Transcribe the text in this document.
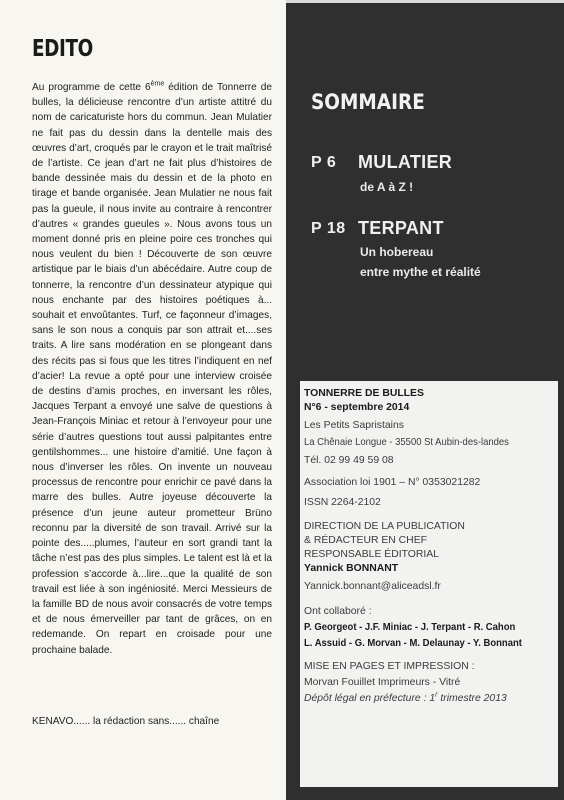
EDITO

Au programme de cette 6ème édition de Tonnerre de bulles, la délicieuse rencontre d’un artiste attitré du nom de caricaturiste hors du commun. Jean Mulatier ne fait pas du dessin dans la dentelle mais des œuvres d’art, croqués par le crayon et le trait maîtrisé de l’artiste. Ce jean d’art ne fait plus d’histoires de bande dessinée mais du dessin et de la photo en tirage et bande organisée. Jean Mulatier ne nous fait pas la gueule, il nous invite au contraire à rencontrer d’autres « grandes gueules ». Nous avons tous un moment donné pris en pleine poire ces tronches qui nous veulent du bien ! Découverte de son œuvre artistique par le biais d’un abécédaire. Autre coup de tonnerre, la rencontre d’un dessinateur atypique qui nous enchante par des histoires poétiques à... souhait et envoûtantes. Turf, ce façonneur d’images, sans le son nous a conquis par son attrait et....ses traits. A lire sans modération en se plongeant dans des récits pas si fous que les titres l’indiquent en nef d’acier! La revue a opté pour une interview croisée de destins d’amis proches, en inversant les rôles, Jacques Terpant a envoyé une salve de questions à Jean-François Miniac et retour à l’envoyeur pour une série d’autres questions tout aussi palpitantes entre gentilshommes... une histoire d’amitié. Une façon à nous d’inverser les rôles. On invente un nouveau processus de rencontre pour enrichir ce pavé dans la marre des bulles. Autre joyeuse découverte la présence d’un jeune auteur prometteur Brüno reconnu par la diversité de son travail. Arrivé sur la pointe des.....plumes, l’auteur en sort grandi tant la tâche n’est pas des plus simples. Le talent est là et la profession s’accorde à...lire...que la qualité de son travail est liée à son ingéniosité. Merci Messieurs de la famille BD de nous avoir consacrés de votre temps et de nous émerveiller par tant de grâces, on en redemande. On repart en croisade pour une prochaine balade.

KENAVO...... la rédaction sans...... chaîne

SOMMAIRE
P 6 MULATIER
de A à Z !
P 18 TERPANT
Un hobereau
entre mythe et réalité

TONNERRE DE BULLES

N°6 - septembre 2014

Les Petits Sapristains

La Chênaie Longue - 35500 St Aubin-des-landes

Tél. 02 99 49 59 08

Association loi 1901 – N° 0353021282

ISSN 2264-2102

DIRECTION DE LA PUBLICATION

& RÉDACTEUR EN CHEF

RESPONSABLE ÉDITORIAL

Yannick BONNANT

Yannick.bonnant@aliceadsl.fr

Ont collaboré :

P. Georgeot - J.F. Miniac - J. Terpant - R. Cahon

L. Assuid - G. Morvan - M. Delaunay - Y. Bonnant

MISE EN PAGES ET IMPRESSION :

Morvan Fouillet Imprimeurs - Vitré

Dépôt légal en préfecture : 1$^r$ trimestre 2013
